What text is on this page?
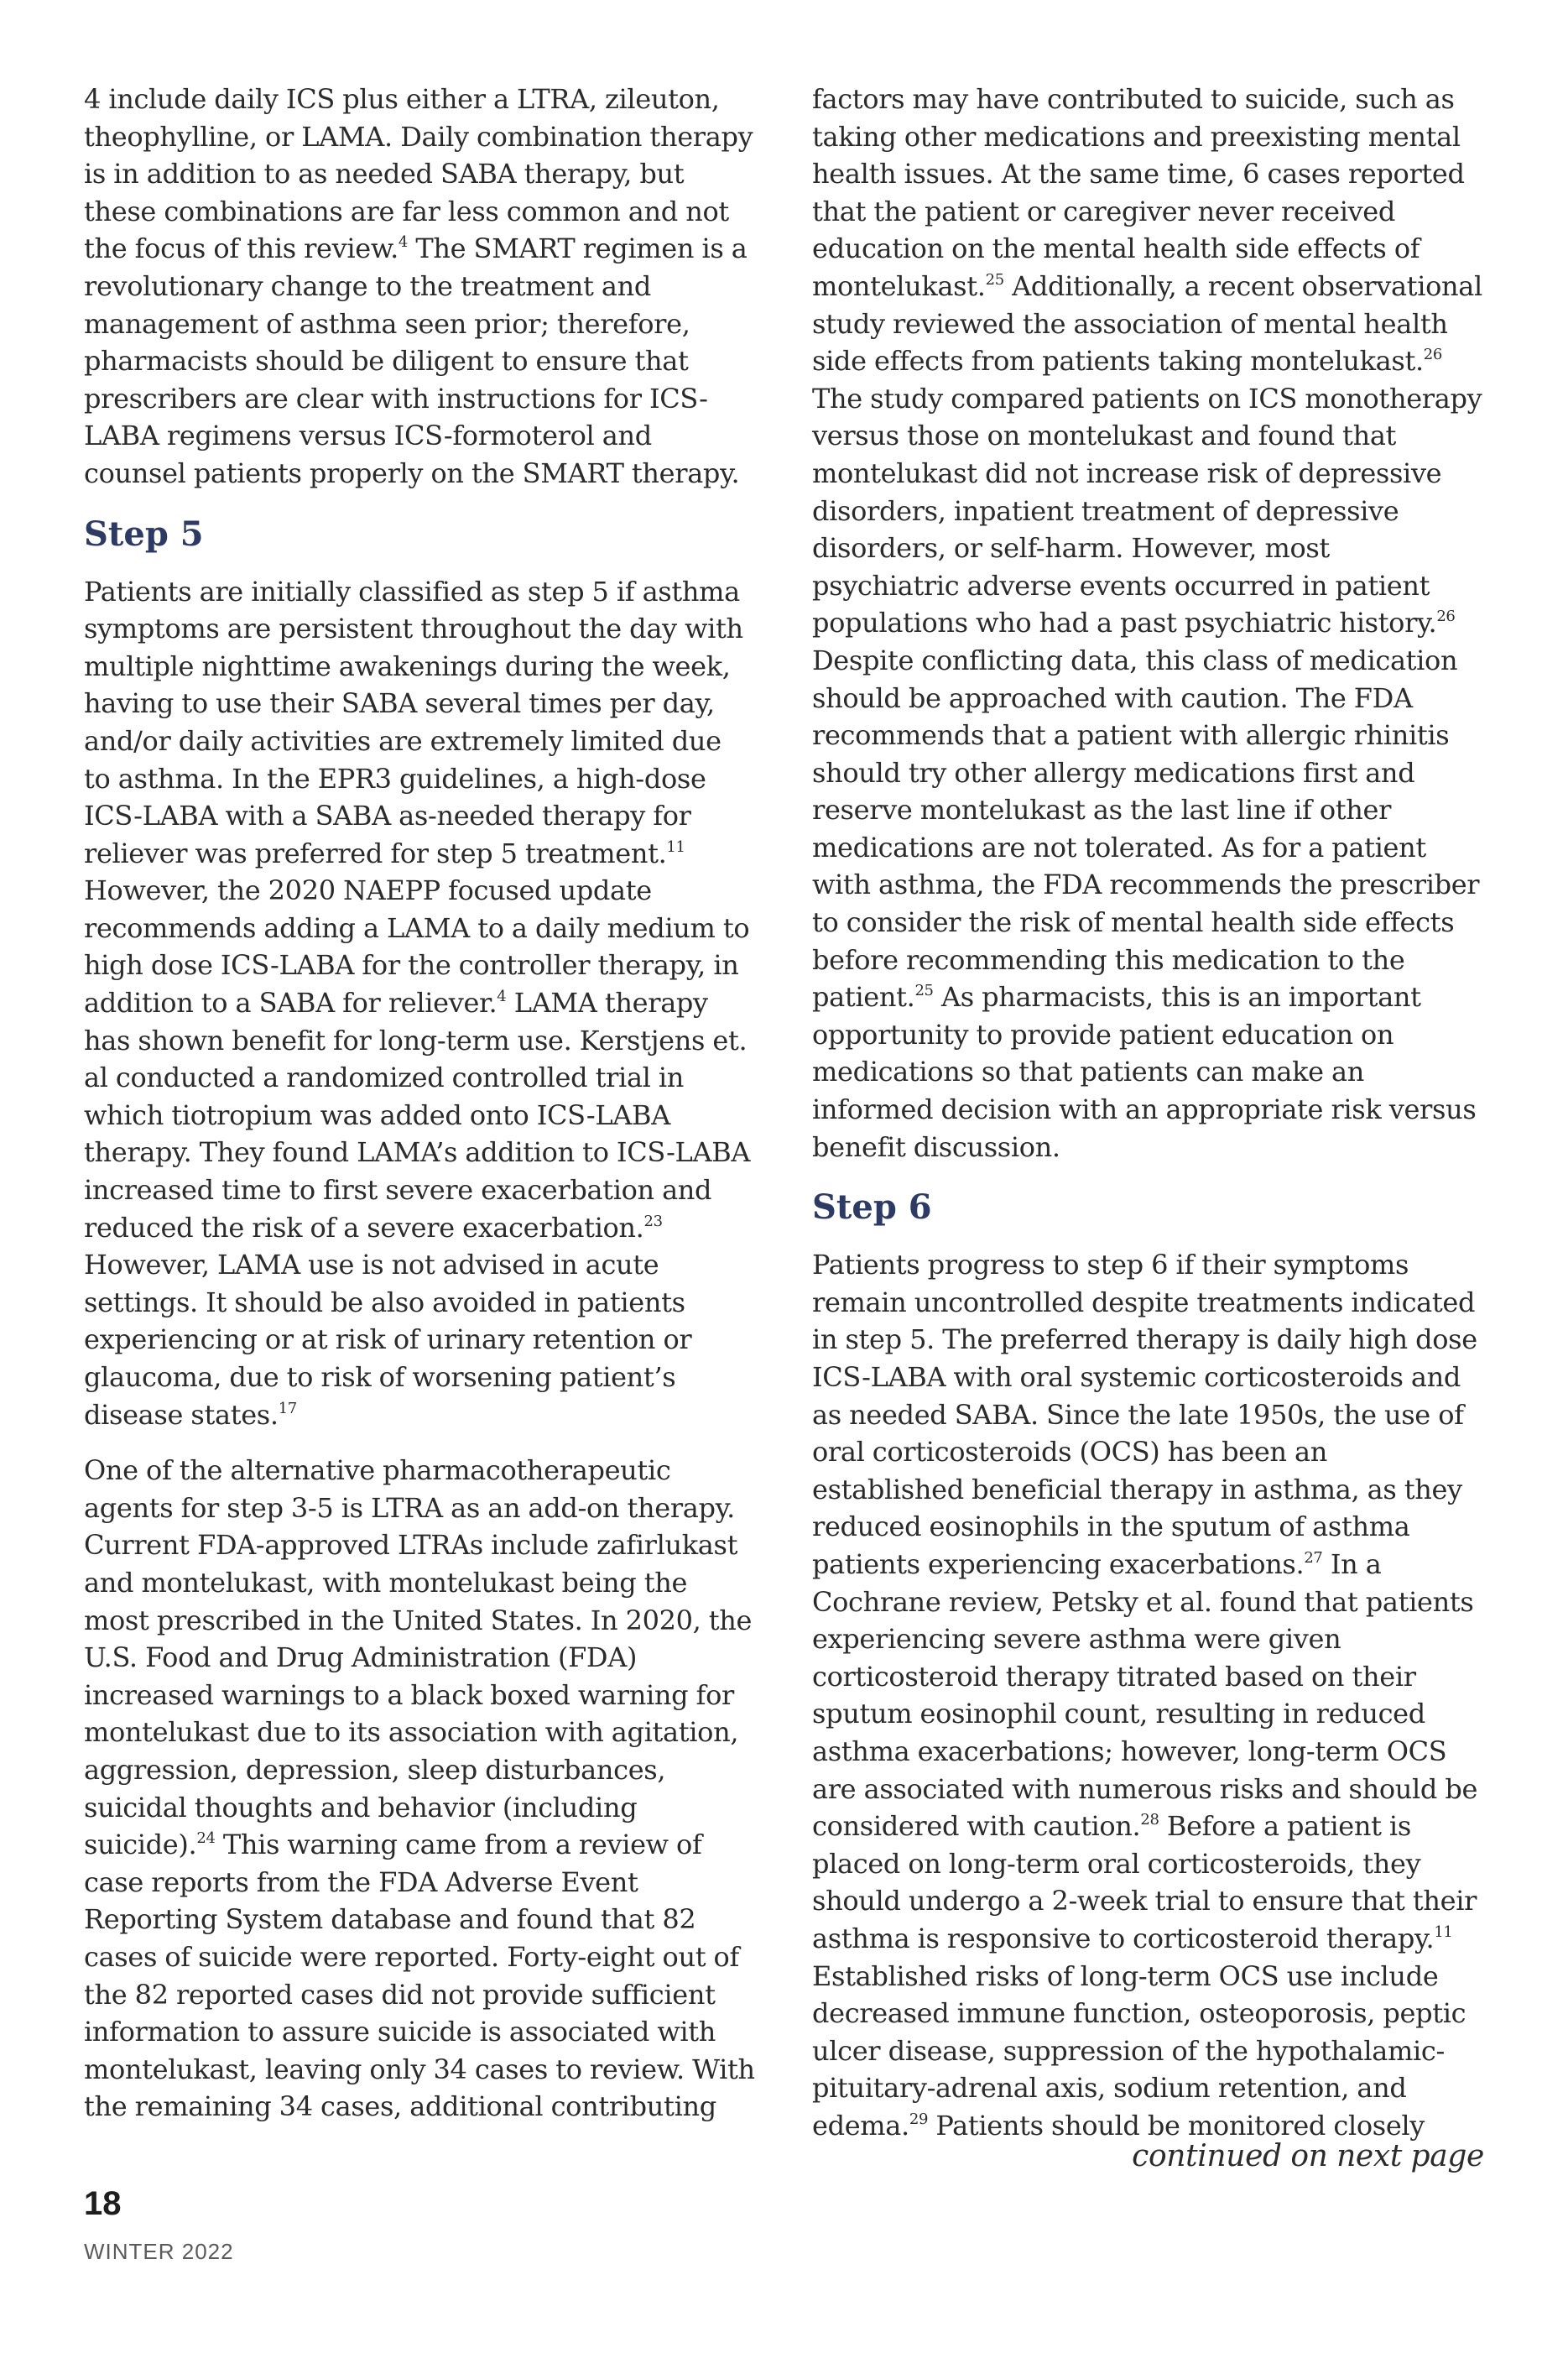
4 include daily ICS plus either a LTRA, zileuton, theophylline, or LAMA. Daily combination therapy is in addition to as needed SABA therapy, but these combinations are far less common and not the focus of this review.$^4$ The SMART regimen is a revolutionary change to the treatment and management of asthma seen prior; therefore, pharmacists should be diligent to ensure that prescribers are clear with instructions for ICS-LABA regimens versus ICS-formoterol and counsel patients properly on the SMART therapy.

Step 5

Patients are initially classified as step 5 if asthma symptoms are persistent throughout the day with multiple nighttime awakenings during the week, having to use their SABA several times per day, and/or daily activities are extremely limited due to asthma. In the EPR3 guidelines, a high-dose ICS-LABA with a SABA as-needed therapy for reliever was preferred for step 5 treatment.$^{11}$ However, the 2020 NAEPP focused update recommends adding a LAMA to a daily medium to high dose ICS-LABA for the controller therapy, in addition to a SABA for reliever.$^4$ LAMA therapy has shown benefit for long-term use. Kerstjens et. al conducted a randomized controlled trial in which tiotropium was added onto ICS-LABA therapy. They found LAMA’s addition to ICS-LABA increased time to first severe exacerbation and reduced the risk of a severe exacerbation.$^{23}$ However, LAMA use is not advised in acute settings. It should be also avoided in patients experiencing or at risk of urinary retention or glaucoma, due to risk of worsening patient’s disease states.$^{17}$

One of the alternative pharmacotherapeutic agents for step 3-5 is LTRA as an add-on therapy. Current FDA-approved LTRAs include zafirlukast and montelukast, with montelukast being the most prescribed in the United States. In 2020, the U.S. Food and Drug Administration (FDA) increased warnings to a black boxed warning for montelukast due to its association with agitation, aggression, depression, sleep disturbances, suicidal thoughts and behavior (including suicide).$^{24}$ This warning came from a review of case reports from the FDA Adverse Event Reporting System database and found that 82 cases of suicide were reported. Forty-eight out of the 82 reported cases did not provide sufficient information to assure suicide is associated with montelukast, leaving only 34 cases to review. With the remaining 34 cases, additional contributing

factors may have contributed to suicide, such as taking other medications and preexisting mental health issues. At the same time, 6 cases reported that the patient or caregiver never received education on the mental health side effects of montelukast.$^{25}$ Additionally, a recent observational study reviewed the association of mental health side effects from patients taking montelukast.$^{26}$ The study compared patients on ICS monotherapy versus those on montelukast and found that montelukast did not increase risk of depressive disorders, inpatient treatment of depressive disorders, or self-harm. However, most psychiatric adverse events occurred in patient populations who had a past psychiatric history.$^{26}$ Despite conflicting data, this class of medication should be approached with caution. The FDA recommends that a patient with allergic rhinitis should try other allergy medications first and reserve montelukast as the last line if other medications are not tolerated. As for a patient with asthma, the FDA recommends the prescriber to consider the risk of mental health side effects before recommending this medication to the patient.$^{25}$ As pharmacists, this is an important opportunity to provide patient education on medications so that patients can make an informed decision with an appropriate risk versus benefit discussion.

Step 6

Patients progress to step 6 if their symptoms remain uncontrolled despite treatments indicated in step 5. The preferred therapy is daily high dose ICS-LABA with oral systemic corticosteroids and as needed SABA. Since the late 1950s, the use of oral corticosteroids (OCS) has been an established beneficial therapy in asthma, as they reduced eosinophils in the sputum of asthma patients experiencing exacerbations.$^{27}$ In a Cochrane review, Petsky et al. found that patients experiencing severe asthma were given corticosteroid therapy titrated based on their sputum eosinophil count, resulting in reduced asthma exacerbations; however, long-term OCS are associated with numerous risks and should be considered with caution.$^{28}$ Before a patient is placed on long-term oral corticosteroids, they should undergo a 2-week trial to ensure that their asthma is responsive to corticosteroid therapy.$^{11}$ Established risks of long-term OCS use include decreased immune function, osteoporosis, peptic ulcer disease, suppression of the hypothalamic-pituitary-adrenal axis, sodium retention, and edema.$^{29}$ Patients should be monitored closely

continued on next page

18
WINTER 2022
